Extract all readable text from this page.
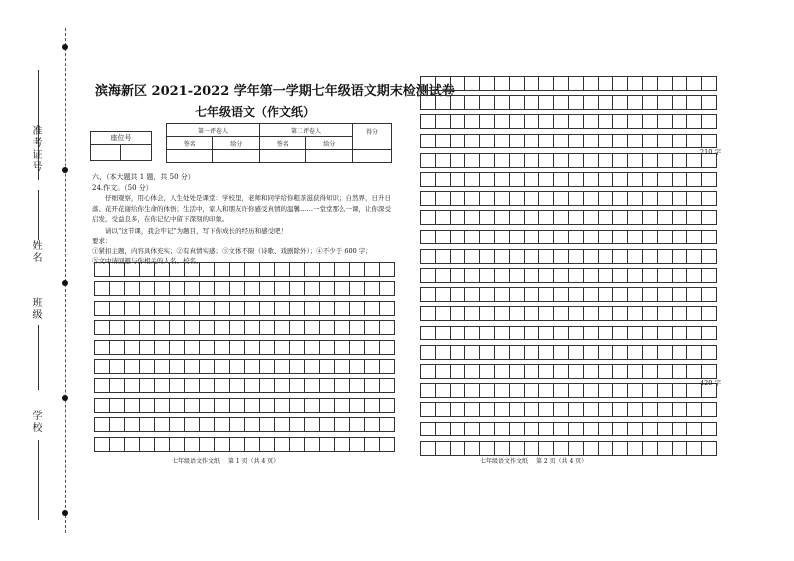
准考证号
姓名
班级
学校
滨海新区 2021-2022 学年第一学期七年级语文期末检测试卷
七年级语文（作文纸）
座位号
第一评卷人		第二评卷人		得分
签名	给分	签名	给分	

六、（本大题共 1 题，共 50 分）
24.作文。（50 分）
仔细观察，用心体会，人生处处是课堂：学校里，老师和同学给你粗茶滋获得知识；自然界，日升日落、花开花谢给你生命的体悟；生活中，家人和朋友许你感受真情的温馨……一堂堂那么一课，让你深受启发，受益良多，在你记忆中留下深刻的印象。
请以“这节课，我会牢记”为题目，写下你成长的经历和感受吧！
要求：
①紧扣主题，内容具体充实；②有真情实感；③文体不限（诗歌、戏剧除外）；④不少于 600 字；
⑤文中请回避与你相关的人名、校名。
210 字
420 字
七年级语文作文纸 第 1 页（共 4 页）	七年级语文作文纸 第 2 页（共 4 页）
